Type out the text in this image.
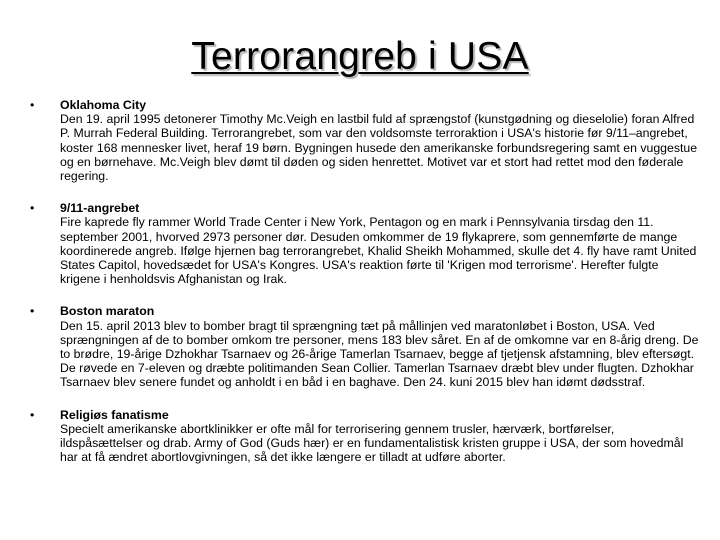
Terrorangreb i USA
•	Oklahoma City
Den 19. april 1995 detonerer Timothy Mc.Veigh en lastbil fuld af sprængstof (kunstgødning og dieselolie) foran Alfred P. Murrah Federal Building. Terrorangrebet, som var den voldsomste terroraktion i USA's historie før 9/11–angrebet, koster 168 mennesker livet, heraf 19 børn. Bygningen husede den amerikanske forbundsregering samt en vuggestue og en børnehave. Mc.Veigh blev dømt til døden og siden henrettet. Motivet var et stort had rettet mod den føderale regering.
•	9/11-angrebet
Fire kaprede fly rammer World Trade Center i New York, Pentagon og en mark i Pennsylvania tirsdag den 11. september 2001, hvorved 2973 personer dør. Desuden omkommer de 19 flykaprere, som gennemførte de mange koordinerede angreb. Ifølge hjernen bag terrorangrebet, Khalid Sheikh Mohammed, skulle det 4. fly have ramt United States Capitol, hovedsædet for USA's Kongres. USA's reaktion førte til 'Krigen mod terrorisme'. Herefter fulgte krigene i henholdsvis Afghanistan og Irak.
•	Boston maraton
Den 15. april 2013 blev to bomber bragt til sprængning tæt på mållinjen ved maratonløbet i Boston, USA. Ved sprængningen af de to bomber omkom tre personer, mens 183 blev såret. En af de omkomne var en 8-årig dreng. De to brødre, 19-årige Dzhokhar Tsarnaev og 26-årige Tamerlan Tsarnaev, begge af tjetjensk afstamning, blev eftersøgt. De røvede en 7-eleven og dræbte politimanden Sean Collier. Tamerlan Tsarnaev dræbt blev under flugten. Dzhokhar Tsarnaev blev senere fundet og anholdt i en båd i en baghave. Den 24. kuni 2015 blev han idømt dødsstraf.
•	Religiøs fanatisme
Specielt amerikanske abortklinikker er ofte mål for terrorisering gennem trusler, hærværk, bortførelser, ildspåsættelser og drab. Army of God (Guds hær) er en fundamentalistisk kristen gruppe i USA, der som hovedmål har at få ændret abortlovgivningen, så det ikke længere er tilladt at udføre aborter.
